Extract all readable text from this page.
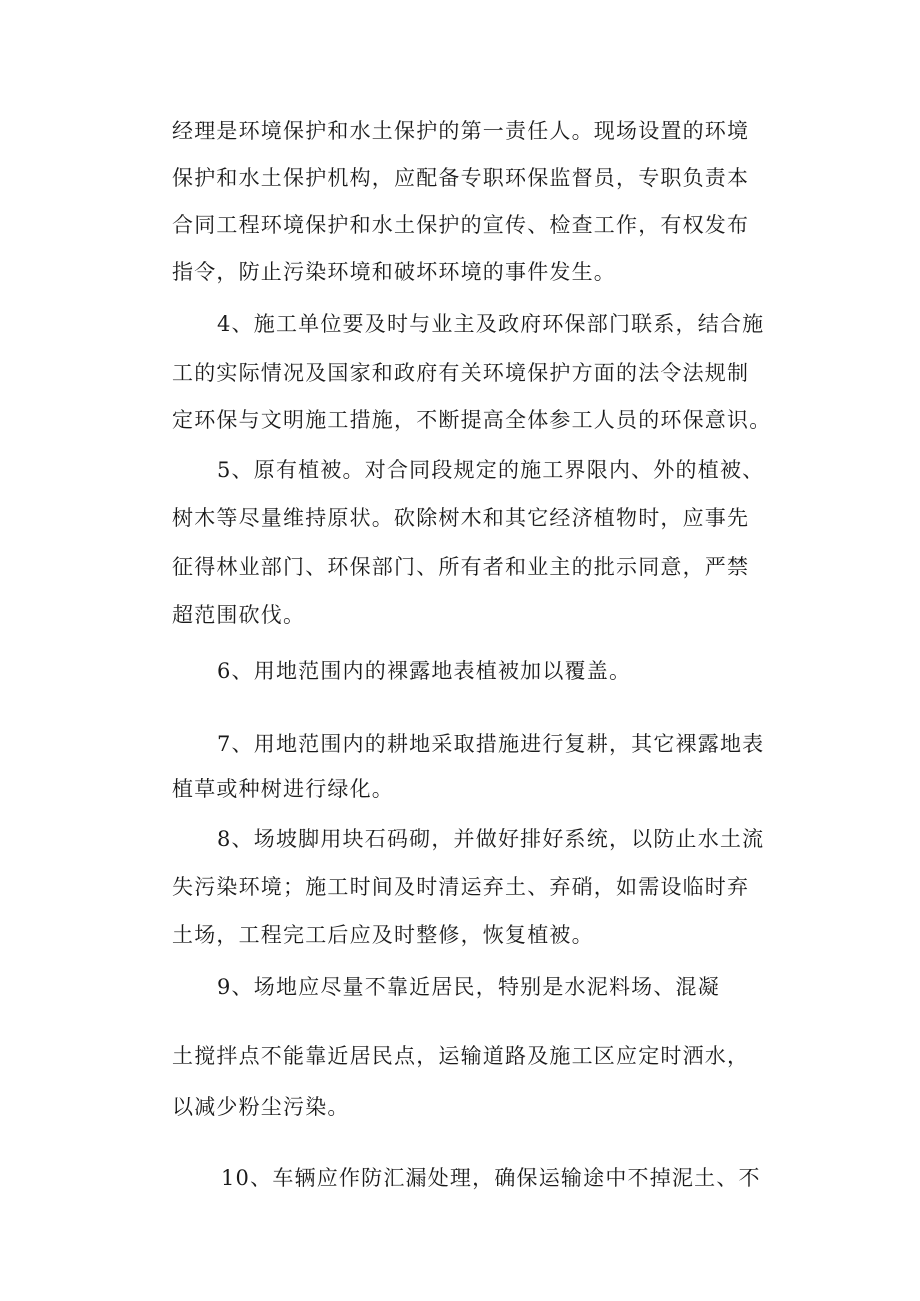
经理是环境保护和水土保护的第一责任人。现场设置的环境

保护和水土保护机构，应配备专职环保监督员，专职负责本

合同工程环境保护和水土保护的宣传、检查工作，有权发布

指令，防止污染环境和破坏环境的事件发生。

4、施工单位要及时与业主及政府环保部门联系，结合施

工的实际情况及国家和政府有关环境保护方面的法令法规制

定环保与文明施工措施，不断提高全体参工人员的环保意识。

5、原有植被。对合同段规定的施工界限内、外的植被、

树木等尽量维持原状。砍除树木和其它经济植物时，应事先

征得林业部门、环保部门、所有者和业主的批示同意，严禁

超范围砍伐。

6、用地范围内的裸露地表植被加以覆盖。

7、用地范围内的耕地采取措施进行复耕，其它裸露地表

植草或种树进行绿化。

8、场坡脚用块石码砌，并做好排好系统，以防止水土流

失污染环境；施工时间及时清运弃土、弃硝，如需设临时弃

土场，工程完工后应及时整修，恢复植被。

9、场地应尽量不靠近居民，特别是水泥料场、混凝

土搅拌点不能靠近居民点，运输道路及施工区应定时洒水，

以减少粉尘污染。

10、车辆应作防汇漏处理，确保运输途中不掉泥土、不
